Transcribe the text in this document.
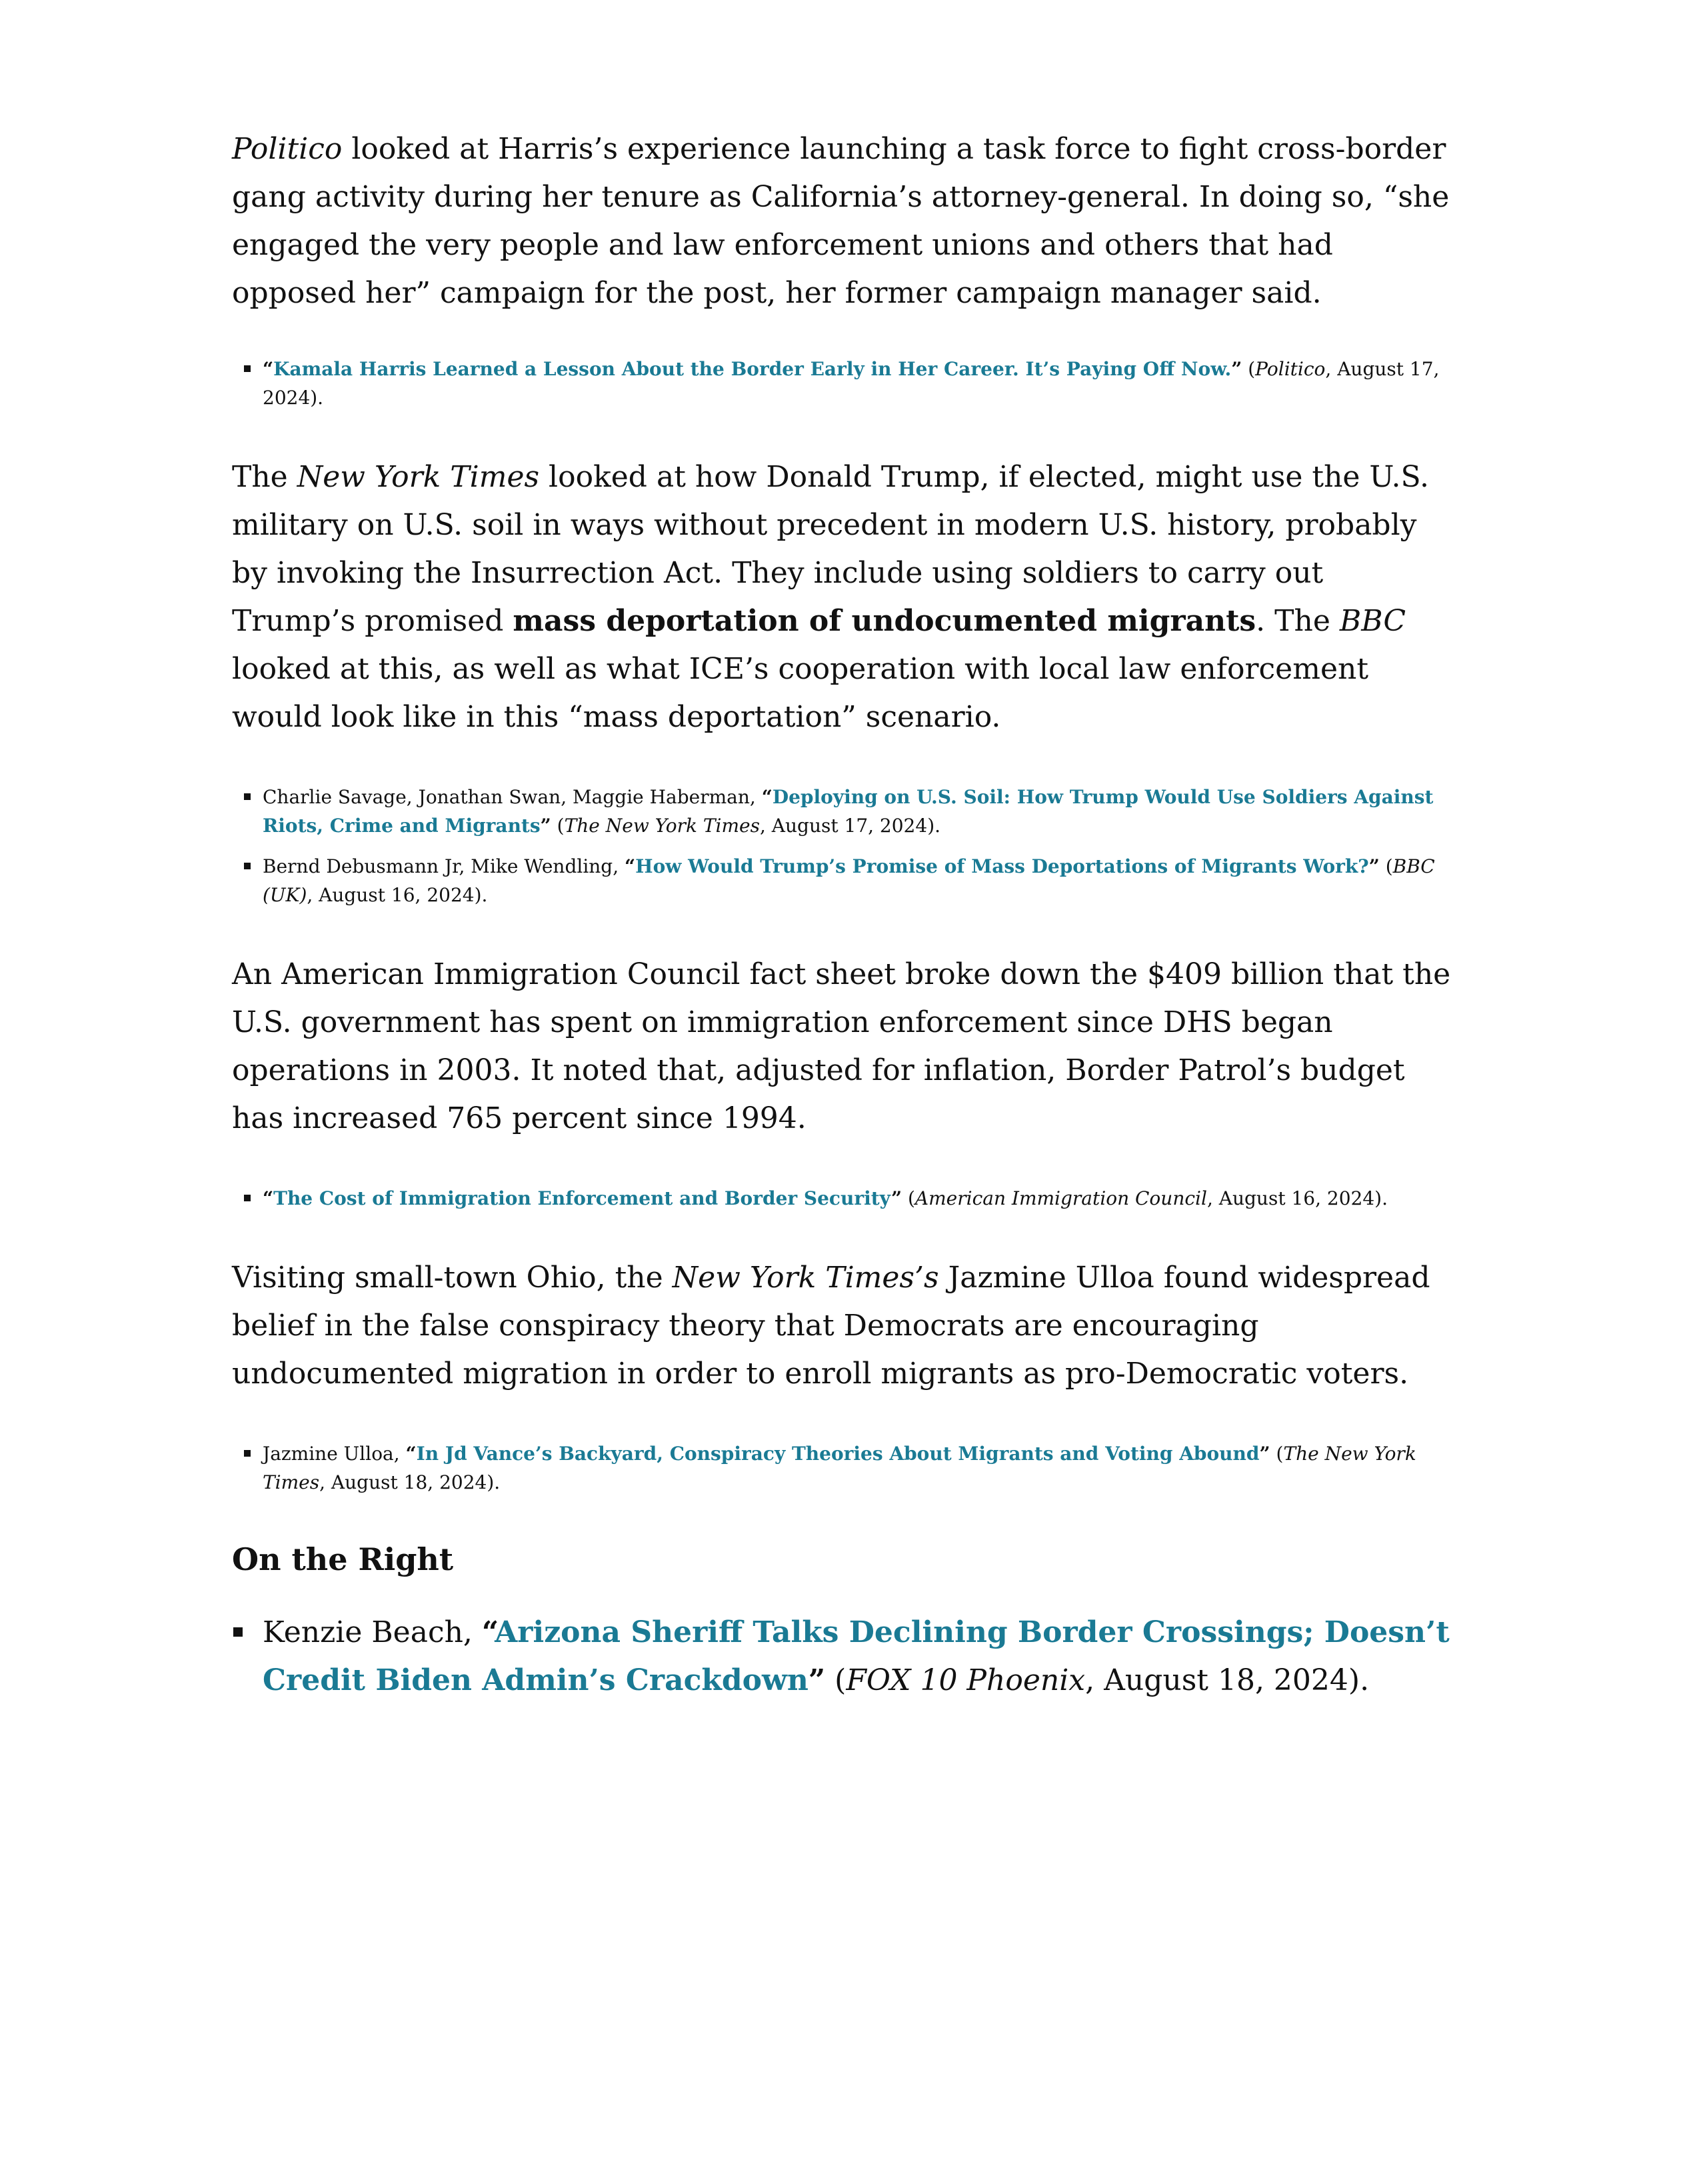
Politico looked at Harris’s experience launching a task force to fight cross-border gang activity during her tenure as California’s attorney-general. In doing so, “she engaged the very people and law enforcement unions and others that had opposed her” campaign for the post, her former campaign manager said.

“Kamala Harris Learned a Lesson About the Border Early in Her Career. It’s Paying Off Now.” (Politico, August 17, 2024).

The New York Times looked at how Donald Trump, if elected, might use the U.S. military on U.S. soil in ways without precedent in modern U.S. history, probably by invoking the Insurrection Act. They include using soldiers to carry out Trump’s promised mass deportation of undocumented migrants. The BBC looked at this, as well as what ICE’s cooperation with local law enforcement would look like in this “mass deportation” scenario.

Charlie Savage, Jonathan Swan, Maggie Haberman, “Deploying on U.S. Soil: How Trump Would Use Soldiers Against Riots, Crime and Migrants” (The New York Times, August 17, 2024).
Bernd Debusmann Jr, Mike Wendling, “How Would Trump’s Promise of Mass Deportations of Migrants Work?” (BBC (UK), August 16, 2024).

An American Immigration Council fact sheet broke down the $409 billion that the U.S. government has spent on immigration enforcement since DHS began operations in 2003. It noted that, adjusted for inflation, Border Patrol’s budget has increased 765 percent since 1994.

“The Cost of Immigration Enforcement and Border Security” (American Immigration Council, August 16, 2024).

Visiting small-town Ohio, the New York Times’s Jazmine Ulloa found widespread belief in the false conspiracy theory that Democrats are encouraging undocumented migration in order to enroll migrants as pro-Democratic voters.

Jazmine Ulloa, “In Jd Vance’s Backyard, Conspiracy Theories About Migrants and Voting Abound” (The New York Times, August 18, 2024).
On the Right
Kenzie Beach, “Arizona Sheriff Talks Declining Border Crossings; Doesn’t Credit Biden Admin’s Crackdown” (FOX 10 Phoenix, August 18, 2024).
